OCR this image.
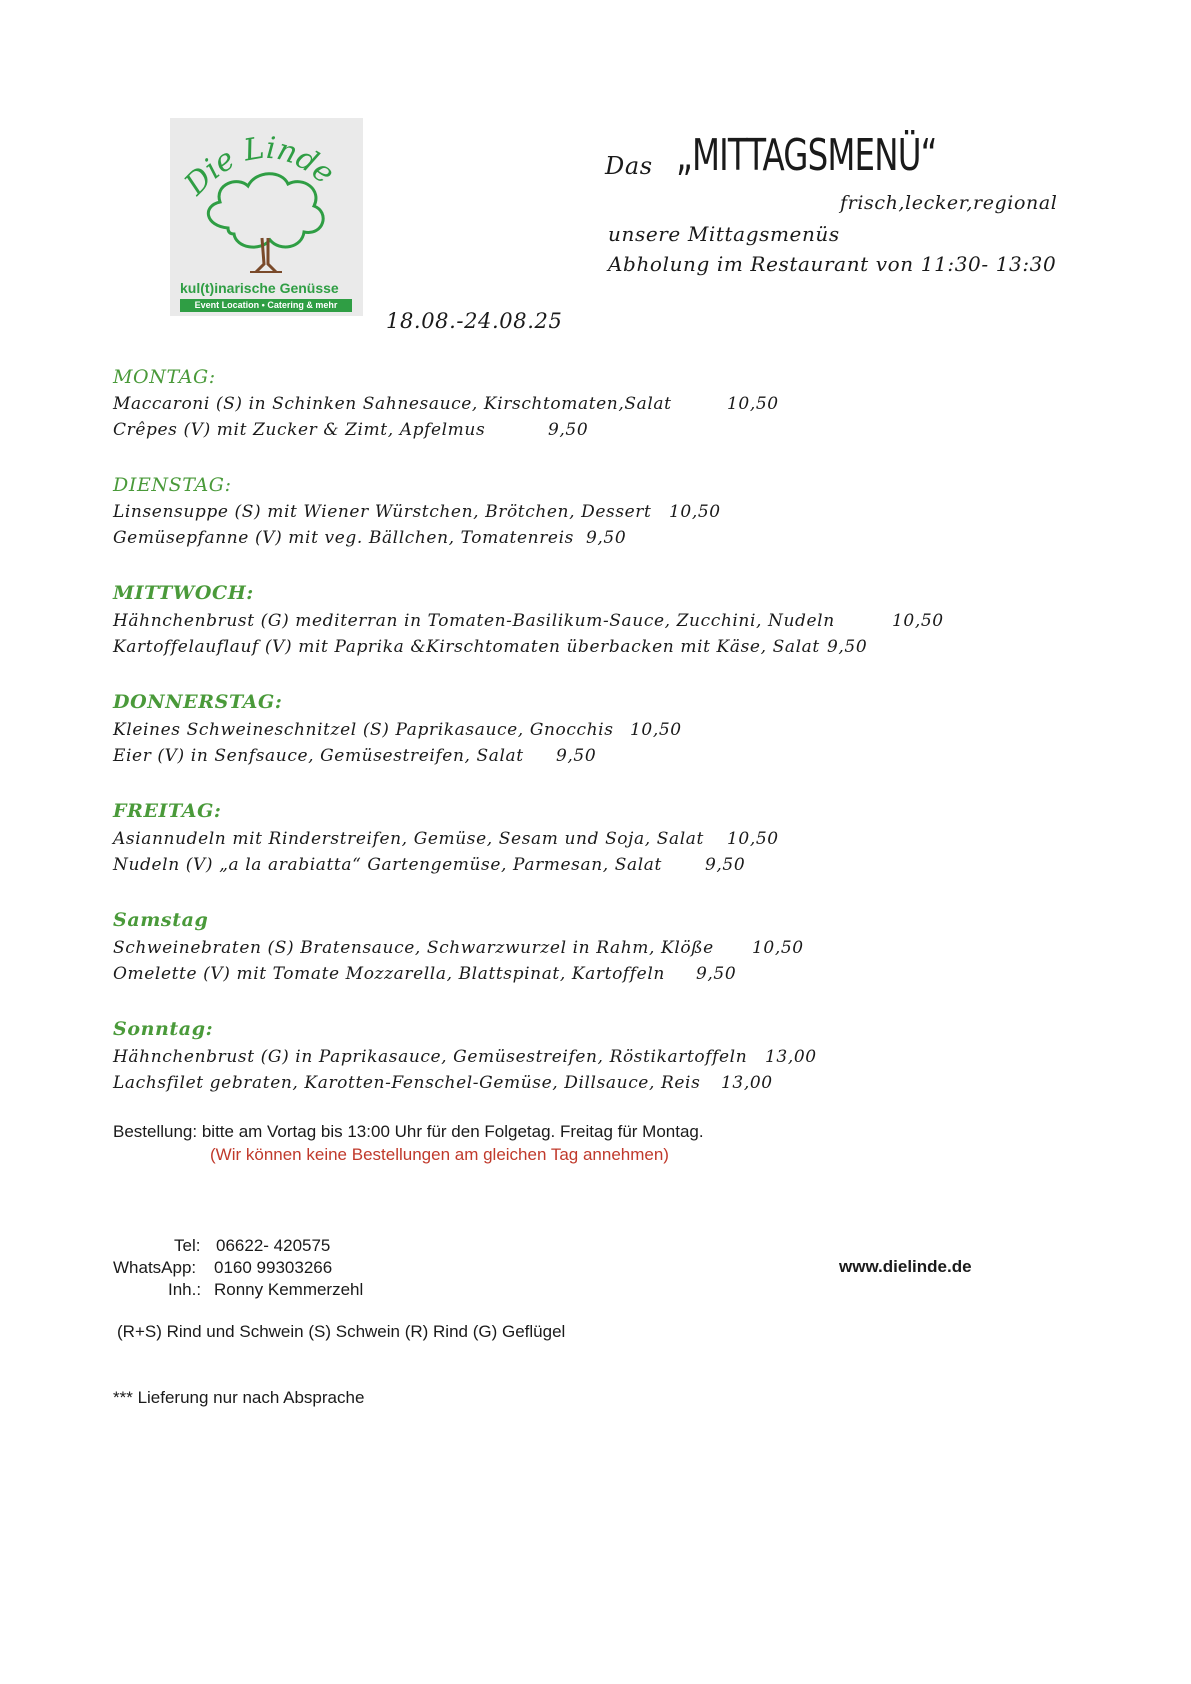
Die Linde
kul(t)inarische Genüsse
Event Location • Catering & mehr
Das „MITTAGSMENÜ“
frisch,lecker,regional
unsere Mittagsmenüs
Abholung im Restaurant von 11:30- 13:30
18.08.-24.08.25
MONTAG:
Maccaroni (S) in Schinken Sahnesauce, Kirschtomaten,Salat	10,50
Crêpes (V) mit Zucker & Zimt, Apfelmus	9,50
DIENSTAG:
Linsensuppe (S) mit Wiener Würstchen, Brötchen, Dessert 10,50
Gemüsepfanne (V) mit veg. Bällchen, Tomatenreis 9,50
MITTWOCH:
Hähnchenbrust (G) mediterran in Tomaten-Basilikum-Sauce, Zucchini, Nudeln	10,50
Kartoffelauflauf (V) mit Paprika &Kirschtomaten überbacken mit Käse, Salat 9,50
DONNERSTAG:
Kleines Schweineschnitzel (S) Paprikasauce, Gnocchis 10,50
Eier (V) in Senfsauce, Gemüsestreifen, Salat 9,50
FREITAG:
Asiannudeln mit Rinderstreifen, Gemüse, Sesam und Soja, Salat 10,50
Nudeln (V) „a la arabiatta“ Gartengemüse, Parmesan, Salat	9,50
Samstag
Schweinebraten (S) Bratensauce, Schwarzwurzel in Rahm, Klöße 10,50
Omelette (V) mit Tomate Mozzarella, Blattspinat, Kartoffeln 9,50
Sonntag:
Hähnchenbrust (G) in Paprikasauce, Gemüsestreifen, Röstikartoffeln 13,00
Lachsfilet gebraten, Karotten-Fenschel-Gemüse, Dillsauce, Reis 13,00
Bestellung: bitte am Vortag bis 13:00 Uhr für den Folgetag. Freitag für Montag.
(Wir können keine Bestellungen am gleichen Tag annehmen)
Tel: 06622- 420575
WhatsApp: 0160 99303266
Inh.: Ronny Kemmerzehl
www.dielinde.de
(R+S) Rind und Schwein (S) Schwein (R) Rind (G) Geflügel
*** Lieferung nur nach Absprache
